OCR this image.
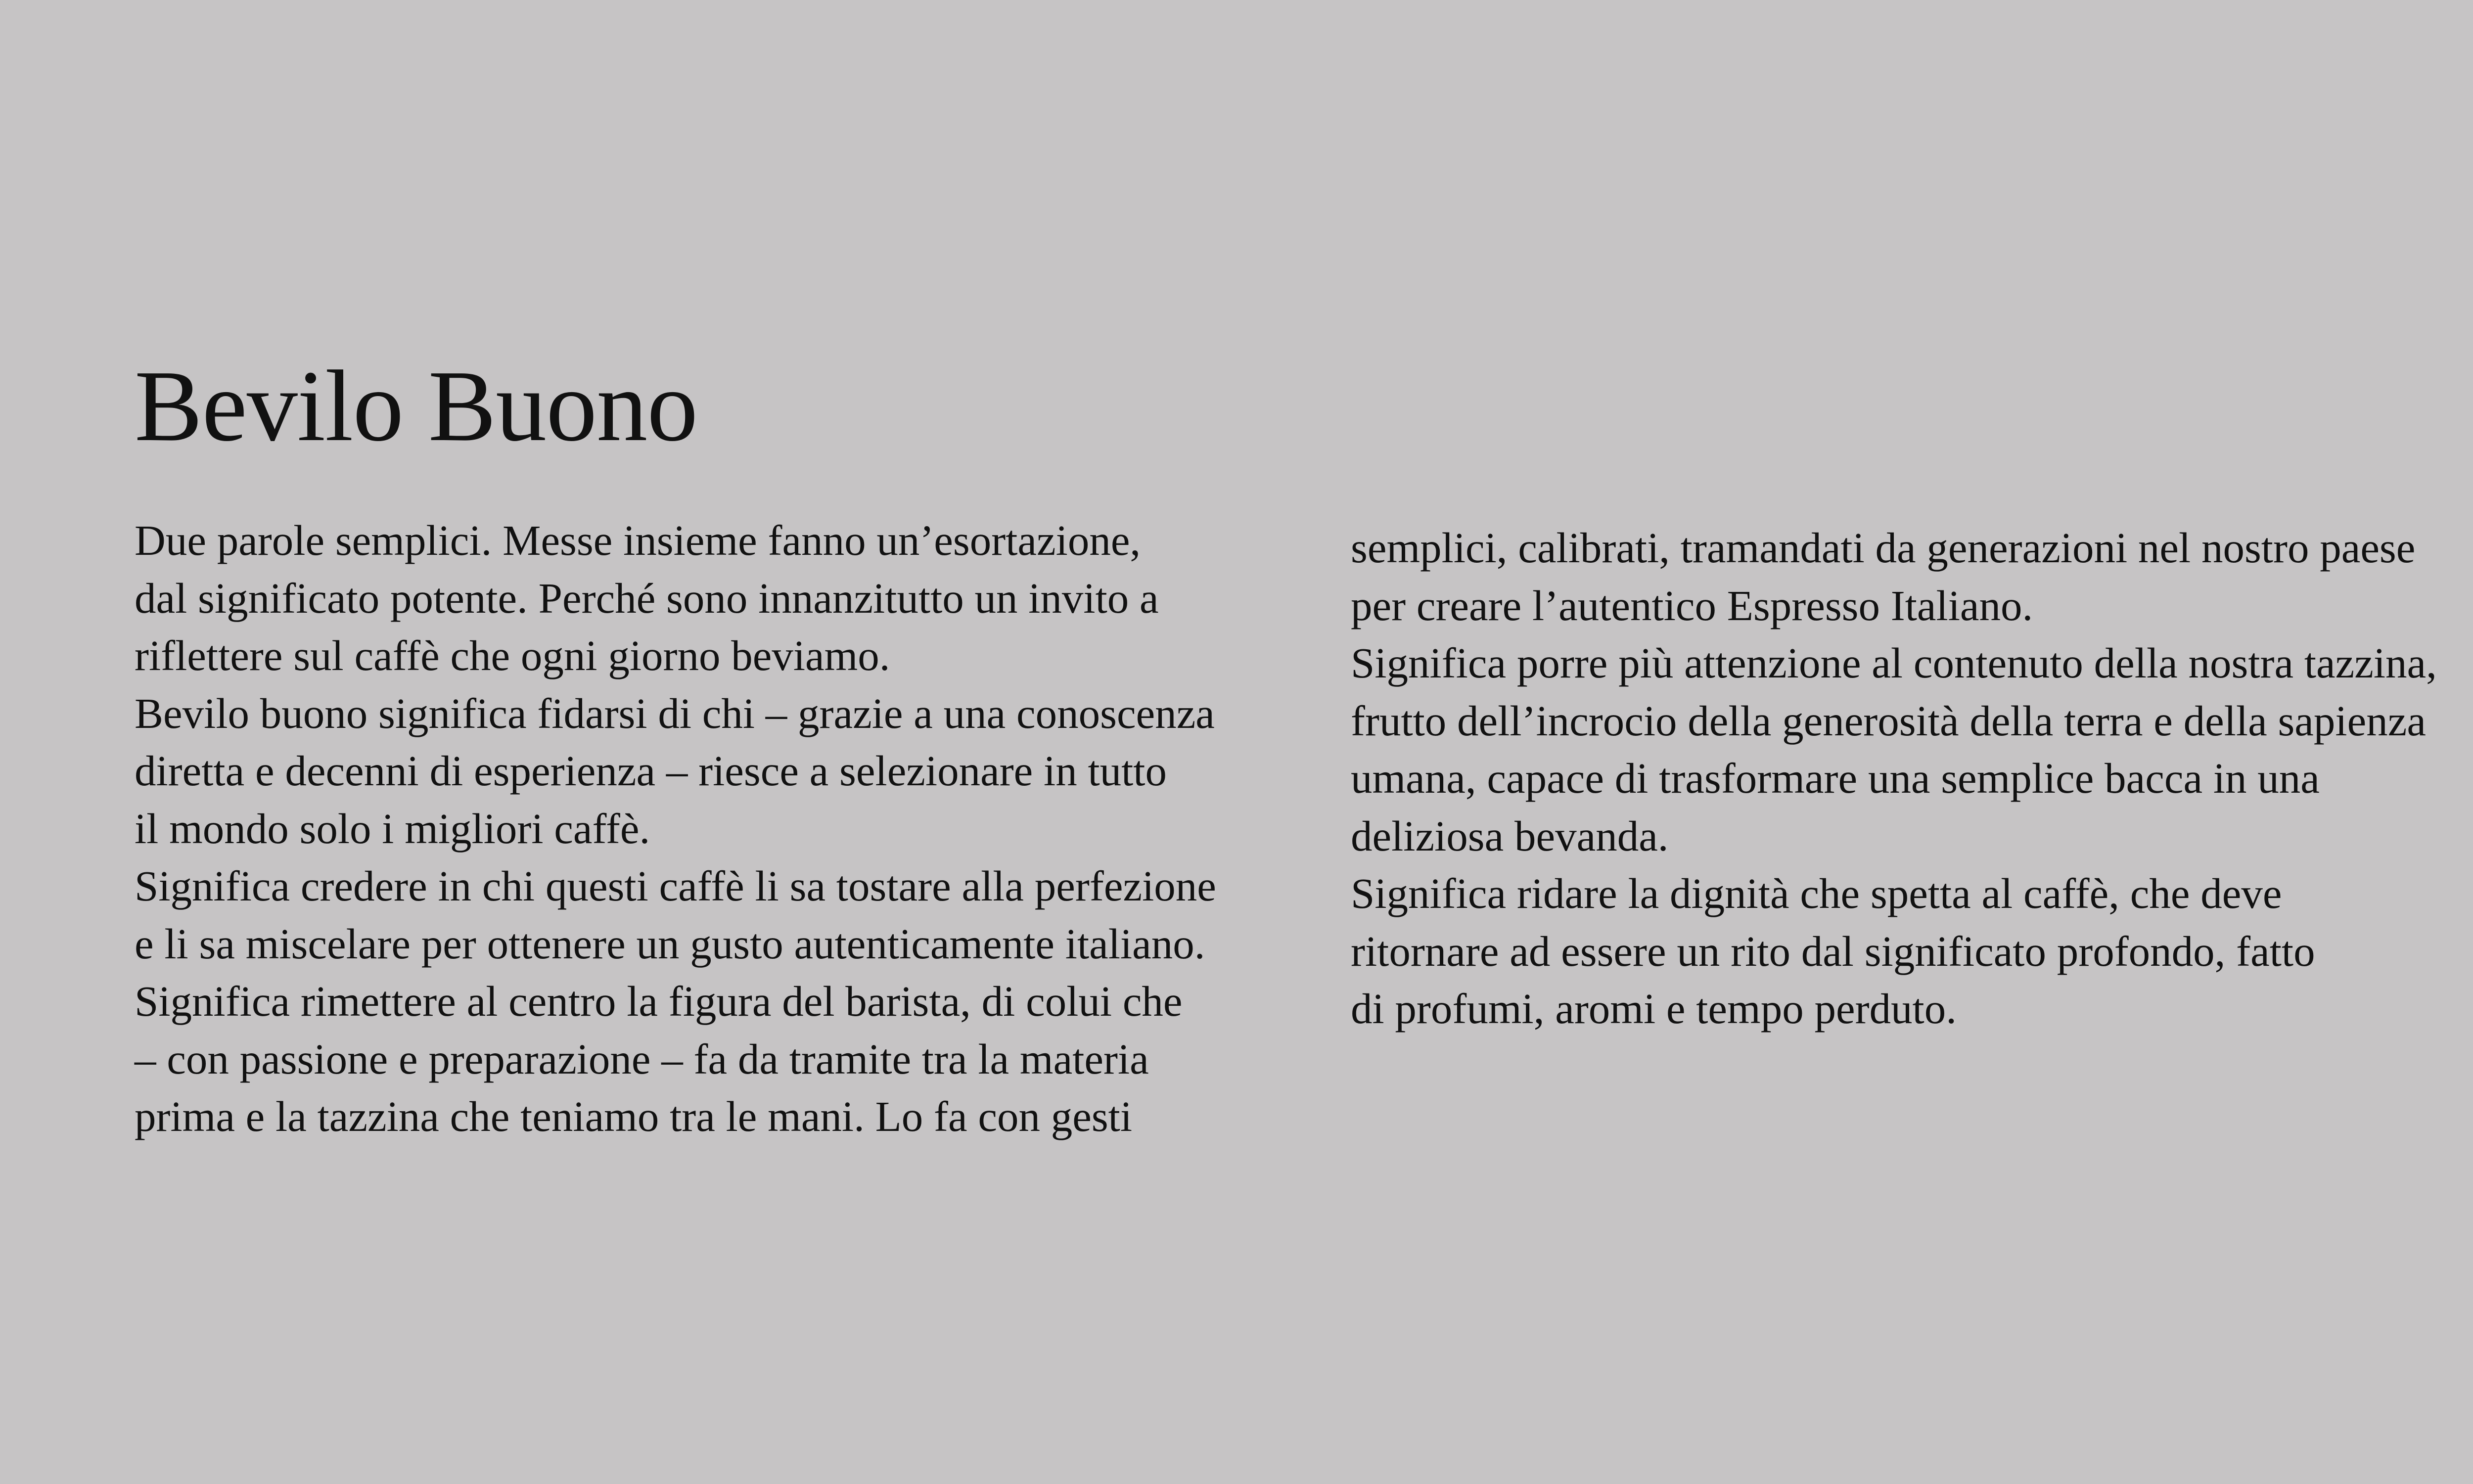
Bevilo Buono
Due parole semplici. Messe insieme fanno un’esortazione,
dal significato potente. Perché sono innanzitutto un invito a
riflettere sul caffè che ogni giorno beviamo.
Bevilo buono significa fidarsi di chi – grazie a una conoscenza
diretta e decenni di esperienza – riesce a selezionare in tutto
il mondo solo i migliori caffè.
Significa credere in chi questi caffè li sa tostare alla perfezione
e li sa miscelare per ottenere un gusto autenticamente italiano.
Significa rimettere al centro la figura del barista, di colui che
– con passione e preparazione – fa da tramite tra la materia
prima e la tazzina che teniamo tra le mani. Lo fa con gesti
semplici, calibrati, tramandati da generazioni nel nostro paese
per creare l’autentico Espresso Italiano.
Significa porre più attenzione al contenuto della nostra tazzina,
frutto dell’incrocio della generosità della terra e della sapienza
umana, capace di trasformare una semplice bacca in una
deliziosa bevanda.
Significa ridare la dignità che spetta al caffè, che deve
ritornare ad essere un rito dal significato profondo, fatto
di profumi, aromi e tempo perduto.
